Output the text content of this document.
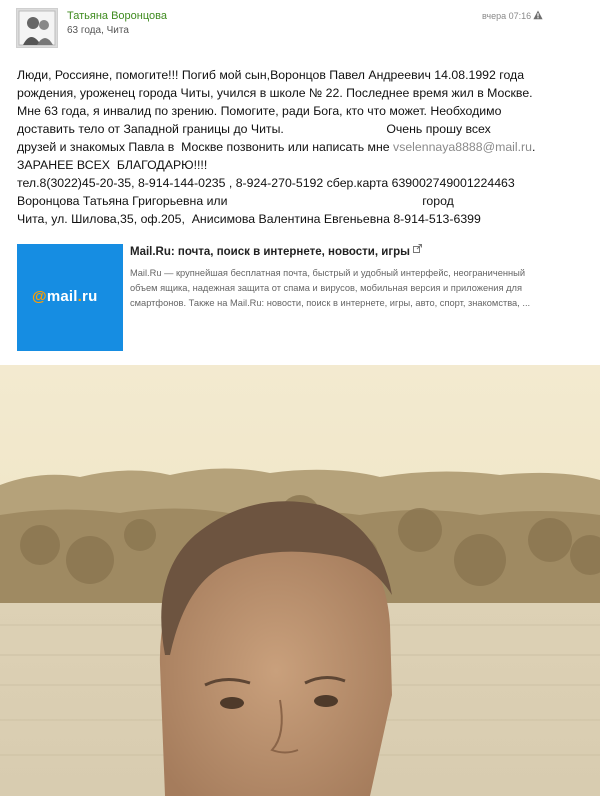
Татьяна Воронцова
63 года, Чита
вчера 07:16
Люди, Россияне, помогите!!! Погиб мой сын,Воронцов Павел Андреевич 14.08.1992 года
рождения, уроженец города Читы, учился в школе № 22. Последнее время жил в Москве.
Мне 63 года, я инвалид по зрению. Помогите, ради Бога, кто что может. Необходимо
доставить тело от Западной границы до Читы.                              Очень прошу всех
друзей и знакомых Павла в  Москве позвонить или написать мне vselennaya8888@mail.ru.
ЗАРАНЕЕ ВСЕХ  БЛАГОДАРЮ!!!!
тел.8(3022)45-20-35, 8-914-144-0235 , 8-924-270-5192 сбер.карта 639002749001224463
Воронцова Татьяна Григорьевна или                                                         город
Чита, ул. Шилова,35, оф.205,  Анисимова Валентина Евгеньевна 8-914-513-6399
@mail.ru
Mail.Ru: почта, поиск в интернете, новости, игры
Mail.Ru — крупнейшая бесплатная почта, быстрый и удобный интерфейс, неограниченный объем ящика, надежная защита от спама и вирусов, мобильная версия и приложения для смартфонов. Также на Mail.Ru: новости, поиск в интернете, игры, авто, спорт, знакомства, ...
